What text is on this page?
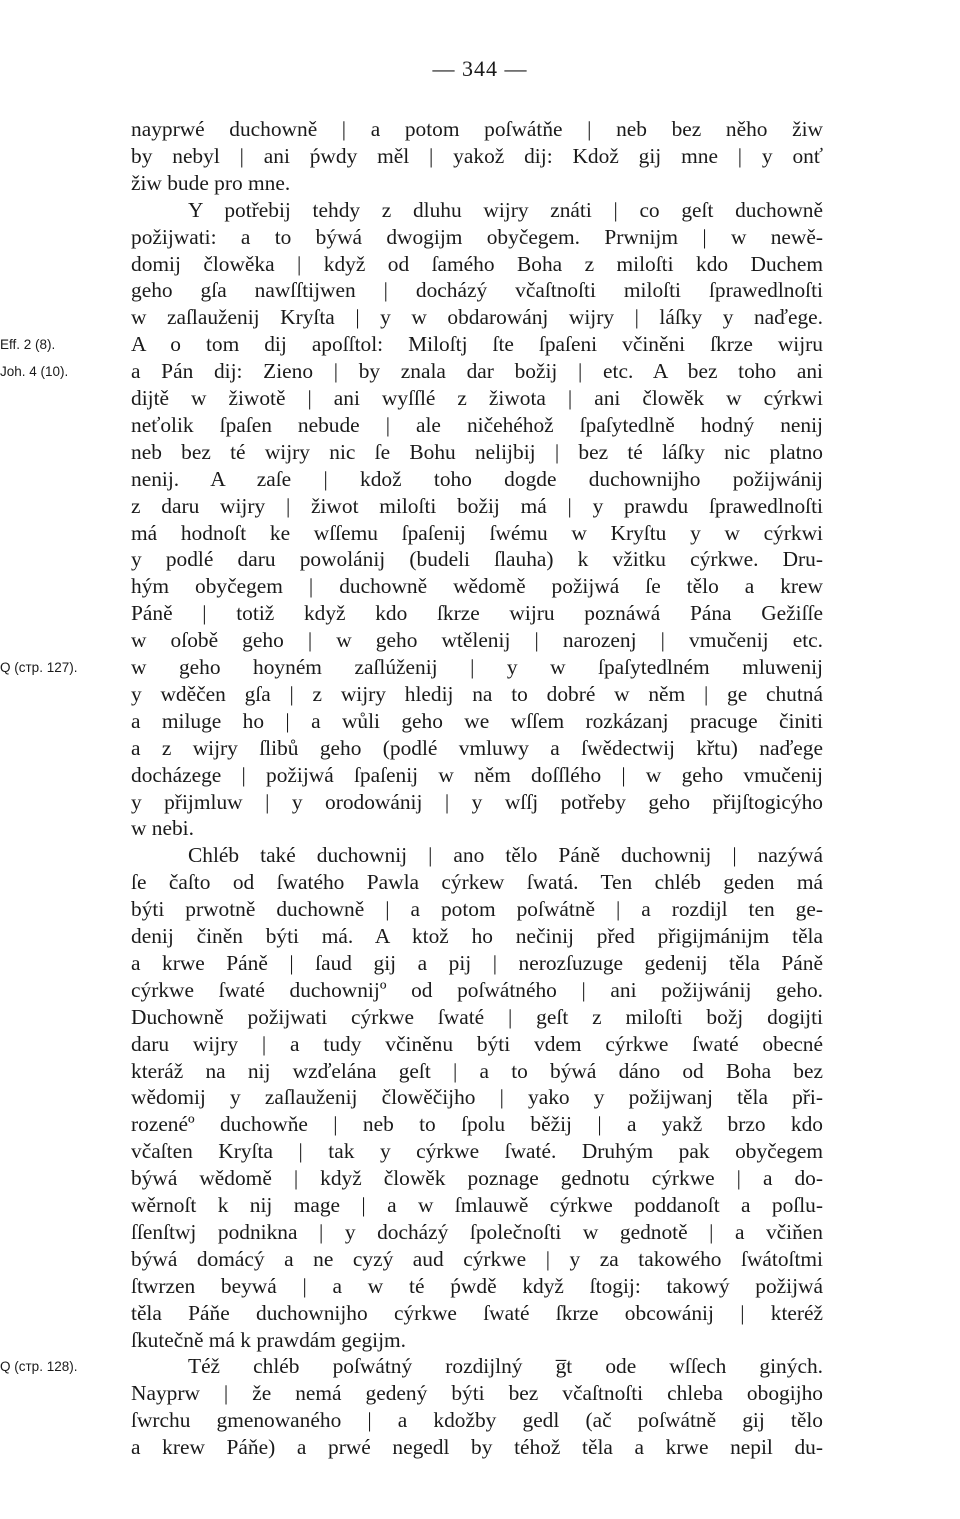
— 344 —
nayprwé duchowně | a potom poſwátňe | neb bez něho žiw
by nebyl | ani ṕwdy měl | yakož dij: Kdož gij mne | y onť
žiw bude pro mne.
Y potřebij tehdy z dluhu wijry znáti | co geſt duchowně
požijwati: a to býwá dwogijm obyčegem. Prwnijm | w newě-
domij člowěka | když od ſamého Boha z miloſti kdo Duchem
geho gſa nawſſtijwen | docházý včaſtnoſti miloſti ſprawedlnoſti
w zaſlauženij Kryſta | y w obdarowánj wijry | láſky y naďege.
A o tom dij apoſſtol: Miloſtj ſte ſpaſeni včiněni ſkrze wijru
Eff. 2 (8).
a Pán dij: Zieno | by znala dar božij | etc. A bez toho ani
Joh. 4 (10).
dijtě w žiwotě | ani wyſſlé z žiwota | ani člowěk w cýrkwi
neťolik ſpaſen nebude | ale ničehéhož ſpaſytedlně hodný nenij
neb bez té wijry nic ſe Bohu nelijbij | bez té láſky nic platno
nenij. A zaſe | kdož toho dogde duchownijho požijwánij
z daru wijry | žiwot miloſti božij má | y prawdu ſprawedlnoſti
má hodnoſt ke wſſemu ſpaſenij ſwému w Kryſtu y w cýrkwi
y podlé daru powolánij (budeli ſlauha) k vžitku cýrkwe. Dru-
hým obyčegem | duchowně wědomě požijwá ſe tělo a krew
Páně | totiž když kdo ſkrze wijru poznáwá Pána Gežiſſe
w oſobě geho | w geho wtělenij | narozenj | vmučenij etc.
w geho hoyném zaſlúženij | y w ſpaſytedlném mluwenij
Q (стр. 127).
y wděčen gſa | z wijry hledij na to dobré w něm | ge chutná
a miluge ho | a wůli geho we wſſem rozkázanj pracuge činiti
a z wijry ſlibů geho (podlé vmluwy a ſwědectwij křtu) naďege
docházege | požijwá ſpaſenij w něm doſſlého | w geho vmučenij
y přijmluw | y orodowánij | y wſſj potřeby geho přijſtogicýho
w nebi.
Chléb také duchownij | ano tělo Páně duchownij | nazýwá
ſe čaſto od ſwatého Pawla cýrkew ſwatá. Ten chléb geden má
býti prwotně duchowně | a potom poſwátně | a rozdijl ten ge-
denij činěn býti má. A ktož ho nečinij před přigijmánijm těla
a krwe Páně | ſaud gij a pij | nerozſuzuge gedenij těla Páně
cýrkwe ſwaté duchownijº od poſwátného | ani požijwánij geho.
Duchowně požijwati cýrkwe ſwaté | geſt z miloſti božj dogijti
daru wijry | a tudy včiněnu býti vdem cýrkwe ſwaté obecné
kteráž na nij wzďelána geſt | a to býwá dáno od Boha bez
wědomij y zaſlauženij člowěčijho | yako y požijwanj těla při-
rozenéº duchowňe | neb to ſpolu běžij | a yakž brzo kdo
včaſten Kryſta | tak y cýrkwe ſwaté. Druhým pak obyčegem
býwá wědomě | když člowěk poznage gednotu cýrkwe | a do-
wěrnoſt k nij mage | a w ſmlauwě cýrkwe poddanoſt a poſlu-
ſſenſtwj podnikna | y docházý ſpolečnoſti w gednotě | a včiňen
býwá domácý a ne cyzý aud cýrkwe | y za takowého ſwátoſtmi
ſtwrzen beywá | a w té ṕwdě když ſtogij: takowý požijwá
těla Páňe duchownijho cýrkwe ſwaté ſkrze obcowánij | kteréž
ſkutečně má k prawdám gegijm.
Též chléb poſwátný rozdijlný g̅t ode wſſech giných.
Q (стр. 128).
Nayprw | že nemá gedený býti bez včaſtnoſti chleba obogijho
ſwrchu gmenowaného | a kdožby gedl (ač poſwátně gij tělo
a krew Páňe) a prwé negedl by téhož těla a krwe nepil du-
